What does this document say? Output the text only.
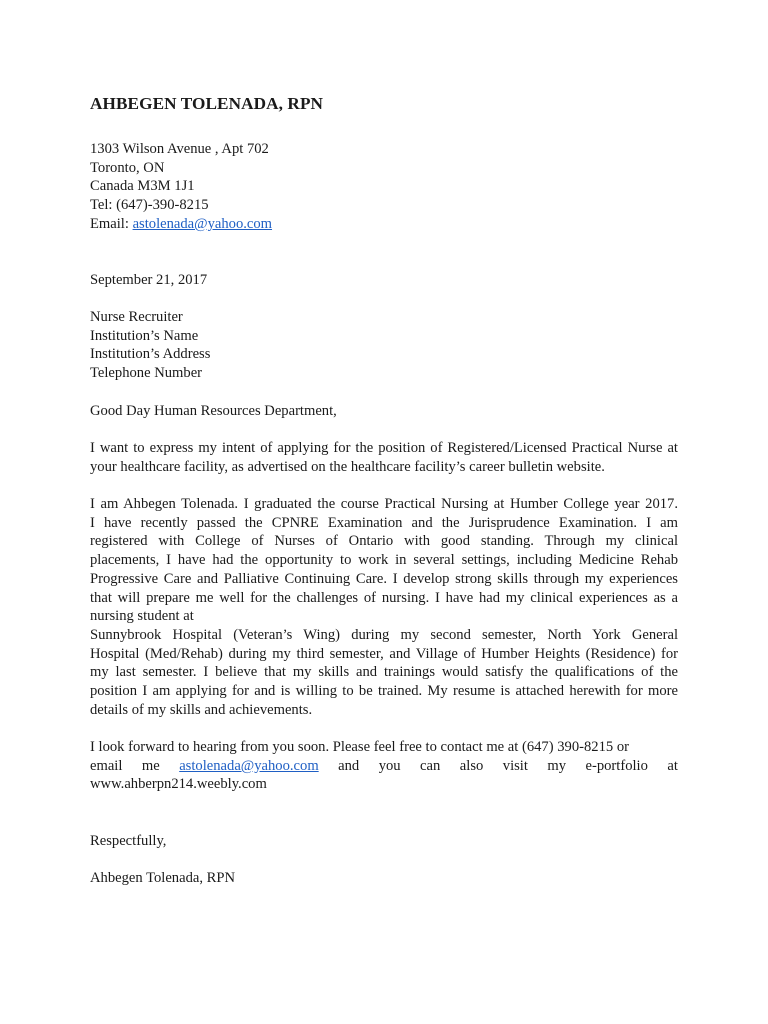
AHBEGEN TOLENADA, RPN
1303 Wilson Avenue , Apt 702
Toronto, ON
Canada M3M 1J1
Tel: (647)-390-8215
Email: astolenada@yahoo.com
September 21, 2017
Nurse Recruiter
Institution’s Name
Institution’s Address
Telephone Number
Good Day Human Resources Department,
I want to express my intent of applying for the position of Registered/Licensed Practical Nurse at
your healthcare facility, as advertised on the healthcare facility’s career bulletin website.
I am Ahbegen Tolenada. I graduated the course Practical Nursing at Humber College year 2017.
I have recently passed the CPNRE Examination and the Jurisprudence Examination. I am
registered with College of Nurses of Ontario with good standing. Through my clinical
placements, I have had the opportunity to work in several settings, including Medicine Rehab
Progressive Care and Palliative Continuing Care. I develop strong skills through my experiences
that will prepare me well for the challenges of nursing. I have had my clinical experiences as a
nursing student at
Sunnybrook Hospital (Veteran’s Wing) during my second semester, North York General
Hospital (Med/Rehab) during my third semester, and Village of Humber Heights (Residence) for
my last semester. I believe that my skills and trainings would satisfy the qualifications of the
position I am applying for and is willing to be trained. My resume is attached herewith for more
details of my skills and achievements.
I look forward to hearing from you soon. Please feel free to contact me at (647) 390-8215 or
email me astolenada@yahoo.com and you can also visit my e-portfolio at
www.ahberpn214.weebly.com
Respectfully,
Ahbegen Tolenada, RPN
